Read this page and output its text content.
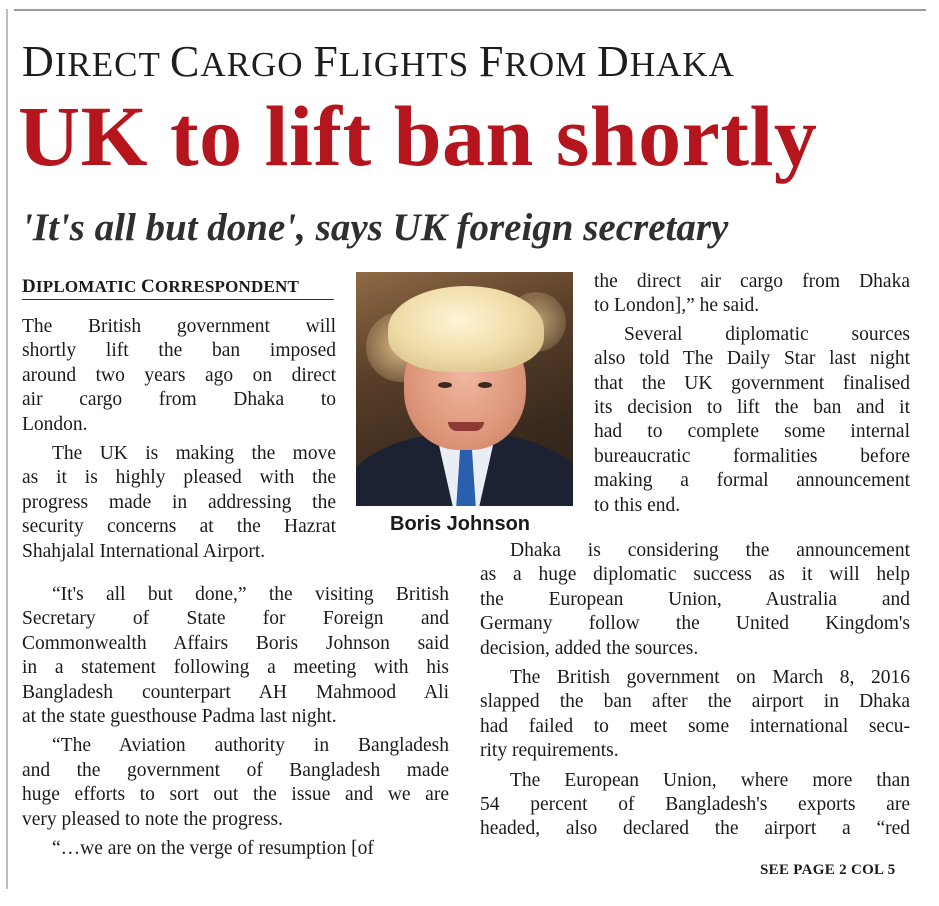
DIRECT CARGO FLIGHTS FROM DHAKA
UK to lift ban shortly
'It's all but done', says UK foreign secretary
DIPLOMATIC CORRESPONDENT
Boris Johnson
The British government will
shortly lift the ban imposed
around two years ago on direct
air cargo from Dhaka to
London.
The UK is making the move
as it is highly pleased with the
progress made in addressing the
security concerns at the Hazrat
Shahjalal International Airport.
“It's all but done,” the visiting British
Secretary of State for Foreign and
Commonwealth Affairs Boris Johnson said
in a statement following a meeting with his
Bangladesh counterpart AH Mahmood Ali
at the state guesthouse Padma last night.
“The Aviation authority in Bangladesh
and the government of Bangladesh made
huge efforts to sort out the issue and we are
very pleased to note the progress.
“…we are on the verge of resumption [of
the direct air cargo from Dhaka
to London],” he said.
Several diplomatic sources
also told The Daily Star last night
that the UK government finalised
its decision to lift the ban and it
had to complete some internal
bureaucratic formalities before
making a formal announcement
to this end.
Dhaka is considering the announcement
as a huge diplomatic success as it will help
the European Union, Australia and
Germany follow the United Kingdom's
decision, added the sources.
The British government on March 8, 2016
slapped the ban after the airport in Dhaka
had failed to meet some international secu-
rity requirements.
The European Union, where more than
54 percent of Bangladesh's exports are
headed, also declared the airport a “red
SEE PAGE 2 COL 5
